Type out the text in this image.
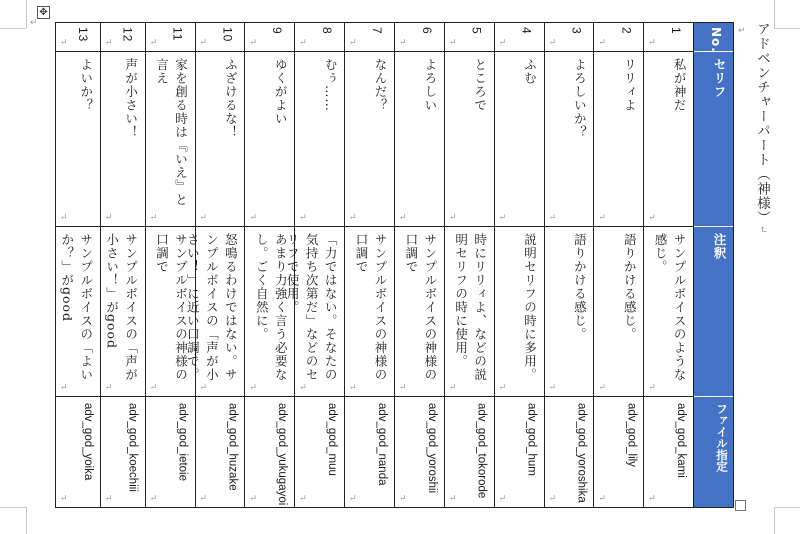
✥
↵
↵ アドベンチャーパート（神様）↵
No.
セリフ
注釈
ファイル指定
1
↵
私が神だ
↵
サンプルボイスのような感じ。
↵
adv_god_kami
↵
2
↵
リリィよ
↵
語りかける感じ。
↵
adv_god_lily
↵
3
↵
よろしいか？
↵
語りかける感じ。
↵
adv_god_yoroshika
↵
4
↵
ふむ
↵
説明セリフの時に多用。
↵
adv_god_hum
↵
5
↵
ところで
↵
時にリリィよ、などの説明セリフの時に使用。
↵
adv_god_tokorode
↵
6
↵
よろしい
↵
サンプルボイスの神様の口調で
↵
adv_god_yoroshii
↵
7
↵
なんだ？
↵
サンプルボイスの神様の口調で
↵
adv_god_nanda
↵
8
↵
むぅ……
↵
「力ではない。そなたの気持ち次第だ」などのセリフで使用。
↵
adv_god_muu
↵
9
↵
ゆくがよい
↵
あまり力強く言う必要なし。ごく自然に。
↵
adv_god_yukugayoi
↵
10
↵
ふざけるな！
↵
怒鳴るわけではない。サンプルボイスの「声が小さい！」に近い口調で。
↵
adv_god_huzake
↵
11
↵
家を創る時は『いえ』と言え
↵
サンプルボイスの神様の口調で
↵
adv_god_ietoie
↵
12
↵
声が小さい！
↵
サンプルボイスの「声が小さい！」がgood
↵
adv_god_koechiii
↵
13
↵
よいか？
↵
サンプルボイスの「よいか？」がgood
↵
adv_god_yoika
↵
